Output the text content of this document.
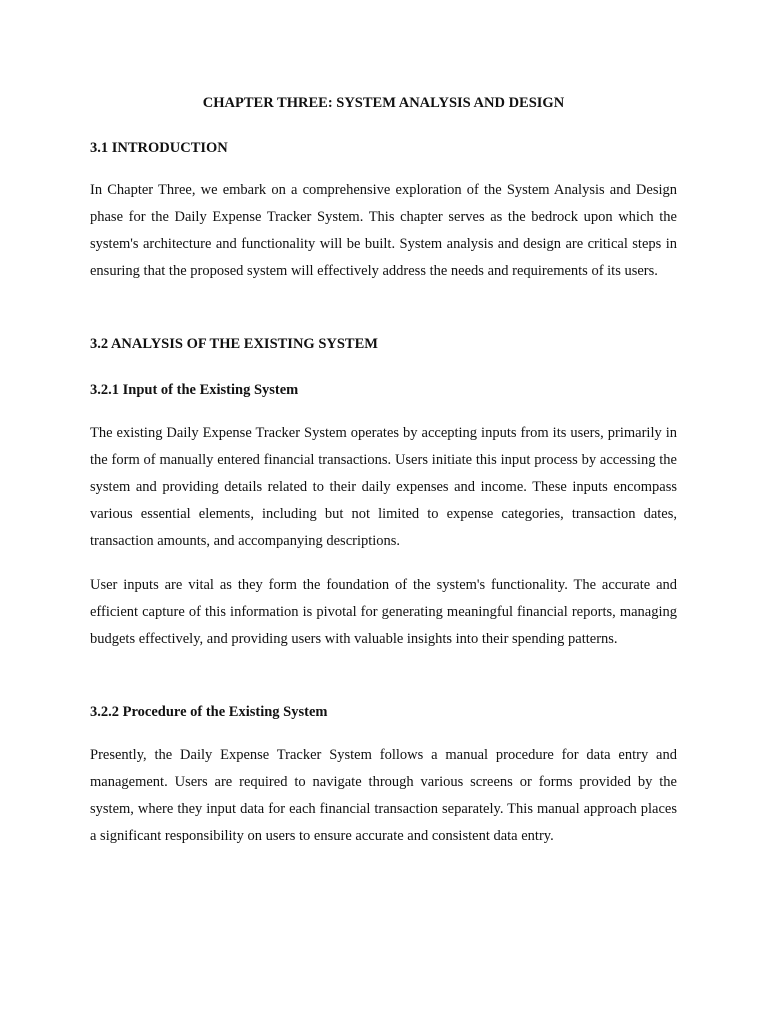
CHAPTER THREE: SYSTEM ANALYSIS AND DESIGN
3.1 INTRODUCTION

In Chapter Three, we embark on a comprehensive exploration of the System Analysis and Design phase for the Daily Expense Tracker System. This chapter serves as the bedrock upon which the system's architecture and functionality will be built. System analysis and design are critical steps in ensuring that the proposed system will effectively address the needs and requirements of its users.

3.2 ANALYSIS OF THE EXISTING SYSTEM
3.2.1 Input of the Existing System

The existing Daily Expense Tracker System operates by accepting inputs from its users, primarily in the form of manually entered financial transactions. Users initiate this input process by accessing the system and providing details related to their daily expenses and income. These inputs encompass various essential elements, including but not limited to expense categories, transaction dates, transaction amounts, and accompanying descriptions.

User inputs are vital as they form the foundation of the system's functionality. The accurate and efficient capture of this information is pivotal for generating meaningful financial reports, managing budgets effectively, and providing users with valuable insights into their spending patterns.

3.2.2 Procedure of the Existing System

Presently, the Daily Expense Tracker System follows a manual procedure for data entry and management. Users are required to navigate through various screens or forms provided by the system, where they input data for each financial transaction separately. This manual approach places a significant responsibility on users to ensure accurate and consistent data entry.
